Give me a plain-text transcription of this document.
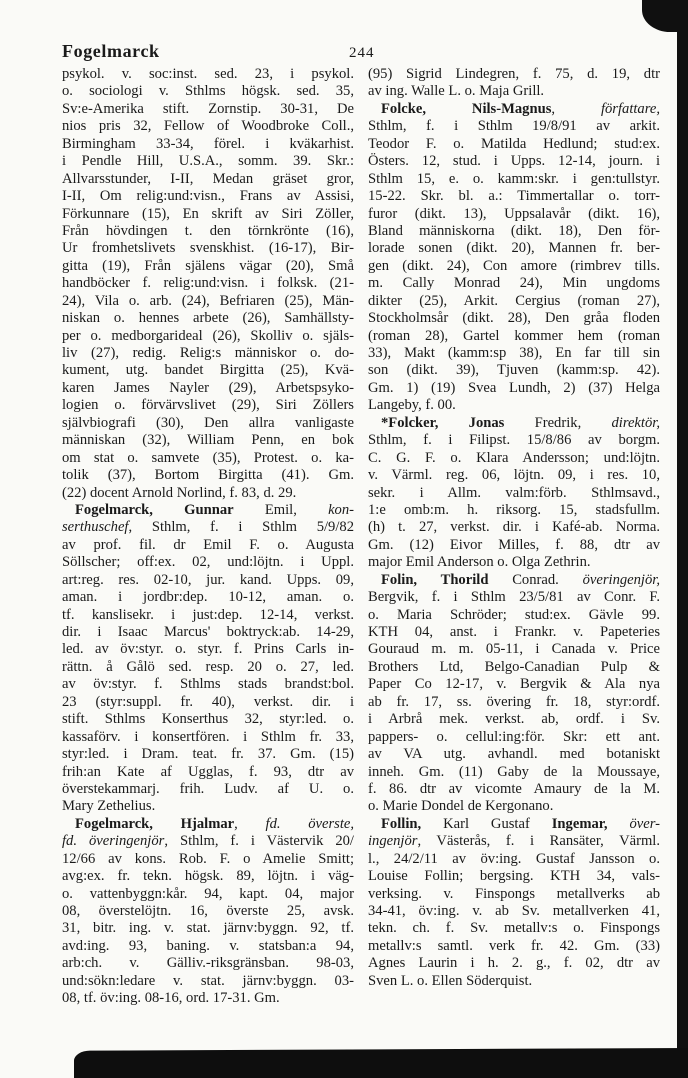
Fogelmarck	244
psykol. v. soc:inst. sed. 23, i psykol.
o. sociologi v. Sthlms högsk. sed. 35,
Sv:e-Amerika stift. Zornstip. 30-31, De
nios pris 32, Fellow of Woodbroke Coll.,
Birmingham 33-34, förel. i kväkarhist.
i Pendle Hill, U.S.A., somm. 39. Skr.:
Allvarsstunder, I-II, Medan gräset gror,
I-II, Om relig:und:visn., Frans av Assisi,
Förkunnare (15), En skrift av Siri Zöller,
Från hövdingen t. den törnkrönte (16),
Ur fromhetslivets svenskhist. (16-17), Bir-
gitta (19), Från själens vägar (20), Små
handböcker f. relig:und:visn. i folksk. (21-
24), Vila o. arb. (24), Befriaren (25), Män-
niskan o. hennes arbete (26), Samhällsty-
per o. medborgarideal (26), Skolliv o. själs-
liv (27), redig. Relig:s människor o. do-
kument, utg. bandet Birgitta (25), Kvä-
karen James Nayler (29), Arbetspsyko-
logien o. förvärvslivet (29), Siri Zöllers
självbiografi (30), Den allra vanligaste
människan (32), William Penn, en bok
om stat o. samvete (35), Protest. o. ka-
tolik (37), Bortom Birgitta (41). Gm.
(22) docent Arnold Norlind, f. 83, d. 29.
Fogelmarck, Gunnar Emil, kon-
serthuschef, Sthlm, f. i Sthlm 5/9/82
av prof. fil. dr Emil F. o. Augusta
Söllscher; off:ex. 02, und:löjtn. i Uppl.
art:reg. res. 02-10, jur. kand. Upps. 09,
aman. i jordbr:dep. 10-12, aman. o.
tf. kanslisekr. i just:dep. 12-14, verkst.
dir. i Isaac Marcus' boktryck:ab. 14-29,
led. av öv:styr. o. styr. f. Prins Carls in-
rättn. å Gålö sed. resp. 20 o. 27, led.
av öv:styr. f. Sthlms stads brandst:bol.
23 (styr:suppl. fr. 40), verkst. dir. i
stift. Sthlms Konserthus 32, styr:led. o.
kassaförv. i konsertfören. i Sthlm fr. 33,
styr:led. i Dram. teat. fr. 37. Gm. (15)
frih:an Kate af Ugglas, f. 93, dtr av
överstekammarj. frih. Ludv. af U. o.
Mary Zethelius.
Fogelmarck, Hjalmar, fd. överste,
fd. överingenjör, Sthlm, f. i Västervik 20/
12/66 av kons. Rob. F. o Amelie Smitt;
avg:ex. fr. tekn. högsk. 89, löjtn. i väg-
o. vattenbyggn:kår. 94, kapt. 04, major
08, överstelöjtn. 16, överste 25, avsk.
31, bitr. ing. v. stat. järnv:byggn. 92, tf.
avd:ing. 93, baning. v. statsban:a 94,
arb:ch. v. Gälliv.-riksgränsban. 98-03,
und:sökn:ledare v. stat. järnv:byggn. 03-
08, tf. öv:ing. 08-16, ord. 17-31. Gm.
(95) Sigrid Lindegren, f. 75, d. 19, dtr
av ing. Walle L. o. Maja Grill.
Folcke, Nils-Magnus, författare,
Sthlm, f. i Sthlm 19/8/91 av arkit.
Teodor F. o. Matilda Hedlund; stud:ex.
Östers. 12, stud. i Upps. 12-14, journ. i
Sthlm 15, e. o. kamm:skr. i gen:tullstyr.
15-22. Skr. bl. a.: Timmertallar o. torr-
furor (dikt. 13), Uppsalavår (dikt. 16),
Bland människorna (dikt. 18), Den för-
lorade sonen (dikt. 20), Mannen fr. ber-
gen (dikt. 24), Con amore (rimbrev tills.
m. Cally Monrad 24), Min ungdoms
dikter (25), Arkit. Cergius (roman 27),
Stockholmsår (dikt. 28), Den gråa floden
(roman 28), Gartel kommer hem (roman
33), Makt (kamm:sp 38), En far till sin
son (dikt. 39), Tjuven (kamm:sp. 42).
Gm. 1) (19) Svea Lundh, 2) (37) Helga
Langeby, f. 00.
*Folcker, Jonas Fredrik, direktör,
Sthlm, f. i Filipst. 15/8/86 av borgm.
C. G. F. o. Klara Andersson; und:löjtn.
v. Värml. reg. 06, löjtn. 09, i res. 10,
sekr. i Allm. valm:förb. Sthlmsavd.,
1:e omb:m. h. riksorg. 15, stadsfullm.
(h) t. 27, verkst. dir. i Kafé-ab. Norma.
Gm. (12) Eivor Milles, f. 88, dtr av
major Emil Anderson o. Olga Zethrin.
Folin, Thorild Conrad. överingenjör,
Bergvik, f. i Sthlm 23/5/81 av Conr. F.
o. Maria Schröder; stud:ex. Gävle 99.
KTH 04, anst. i Frankr. v. Papeteries
Gouraud m. m. 05-11, i Canada v. Price
Brothers Ltd, Belgo-Canadian Pulp &
Paper Co 12-17, v. Bergvik & Ala nya
ab fr. 17, ss. övering fr. 18, styr:ordf.
i Arbrå mek. verkst. ab, ordf. i Sv.
pappers- o. cellul:ing:för. Skr: ett ant.
av VA utg. avhandl. med botaniskt
inneh. Gm. (11) Gaby de la Moussaye,
f. 86. dtr av vicomte Amaury de la M.
o. Marie Dondel de Kergonano.
Follin, Karl Gustaf Ingemar, över-
ingenjör, Västerås, f. i Ransäter, Värml.
l., 24/2/11 av öv:ing. Gustaf Jansson o.
Louise Follin; bergsing. KTH 34, vals-
verksing. v. Finspongs metallverks ab
34-41, öv:ing. v. ab Sv. metallverken 41,
tekn. ch. f. Sv. metallv:s o. Finspongs
metallv:s samtl. verk fr. 42. Gm. (33)
Agnes Laurin i h. 2. g., f. 02, dtr av
Sven L. o. Ellen Söderquist.
